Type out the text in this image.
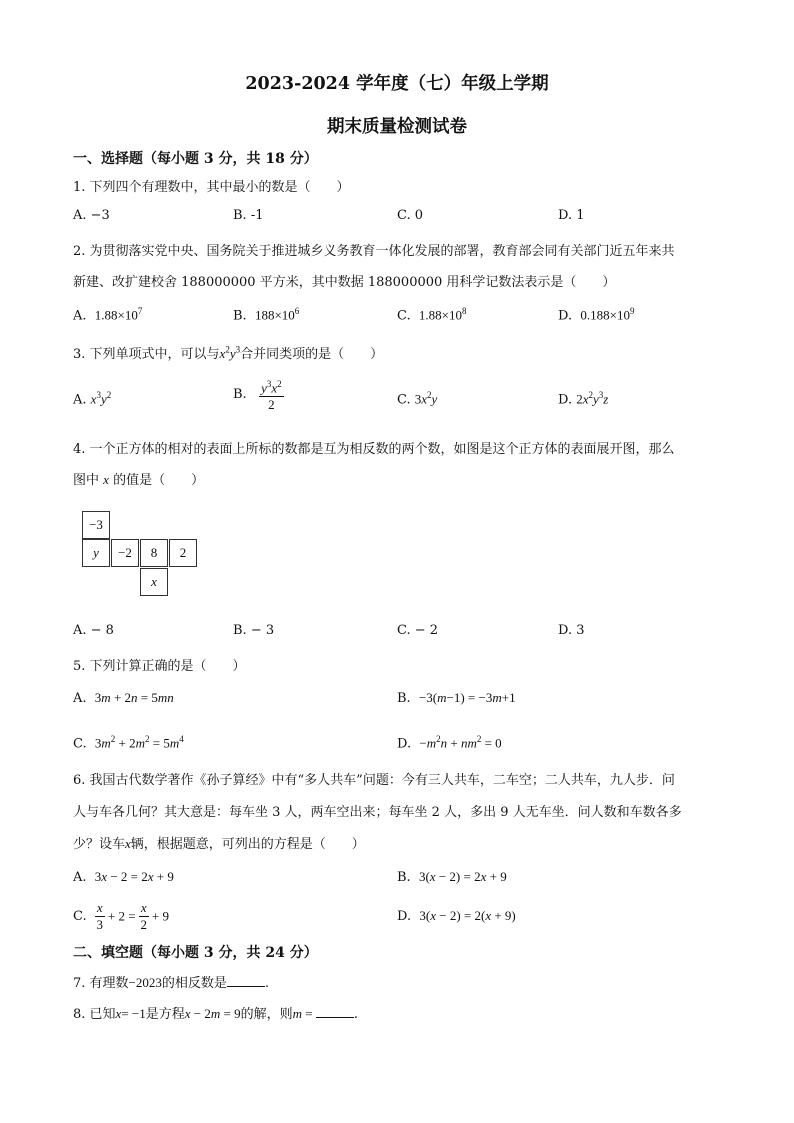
2023-2024 学年度（七）年级上学期
期末质量检测试卷
一、选择题（每小题 3 分，共 18 分）
1. 下列四个有理数中，其中最小的数是（　　）
A. −3	B. -1	C. 0	D. 1
2. 为贯彻落实党中央、国务院关于推进城乡义务教育一体化发展的部署，教育部会同有关部门近五年来共
新建、改扩建校舍 188000000 平方米，其中数据 188000000 用科学记数法表示是（　　）
A. $1.88\times 10^7$	B. $188\times 10^6$	C. $1.88\times 10^8$	D. $0.188\times 10^9$
3. 下列单项式中，可以与$x^2y^3$合并同类项的是（　　）
A. $x^3y^2$	B. $\frac{y^3x^2}{2}$	C. $3x^2y$	D. $2x^2y^3z$
4. 一个正方体的相对的表面上所标的数都是互为相反数的两个数，如图是这个正方体的表面展开图，那么
图中 x 的值是（　　）
−3
y	−2	8	2
x
A. − 8	B. − 3	C. − 2	D. 3
5. 下列计算正确的是（　　）
A. 3m + 2n = 5mn	B. −3(m−1) = −3m+1
C. $3m^2 + 2m^2 = 5m^4$	D. $-m^2n + nm^2 = 0$
6. 我国古代数学著作《孙子算经》中有“多人共车”问题：今有三人共车，二车空；二人共车，九人步．问
人与车各几何？其大意是：每车坐 3 人，两车空出来；每车坐 2 人，多出 9 人无车坐．问人数和车数各多
少？设车x辆，根据题意，可列出的方程是（　　）
A. 3x − 2 = 2x + 9	B. 3(x − 2) = 2x + 9
C. $\frac{x}{3} + 2 = \frac{x}{2} + 9$	D. 3(x − 2) = 2(x + 9)
二、填空题（每小题 3 分，共 24 分）
7. 有理数−2023的相反数是	.
8. 已知x= −1是方程x − 2m = 9的解，则m =	.
